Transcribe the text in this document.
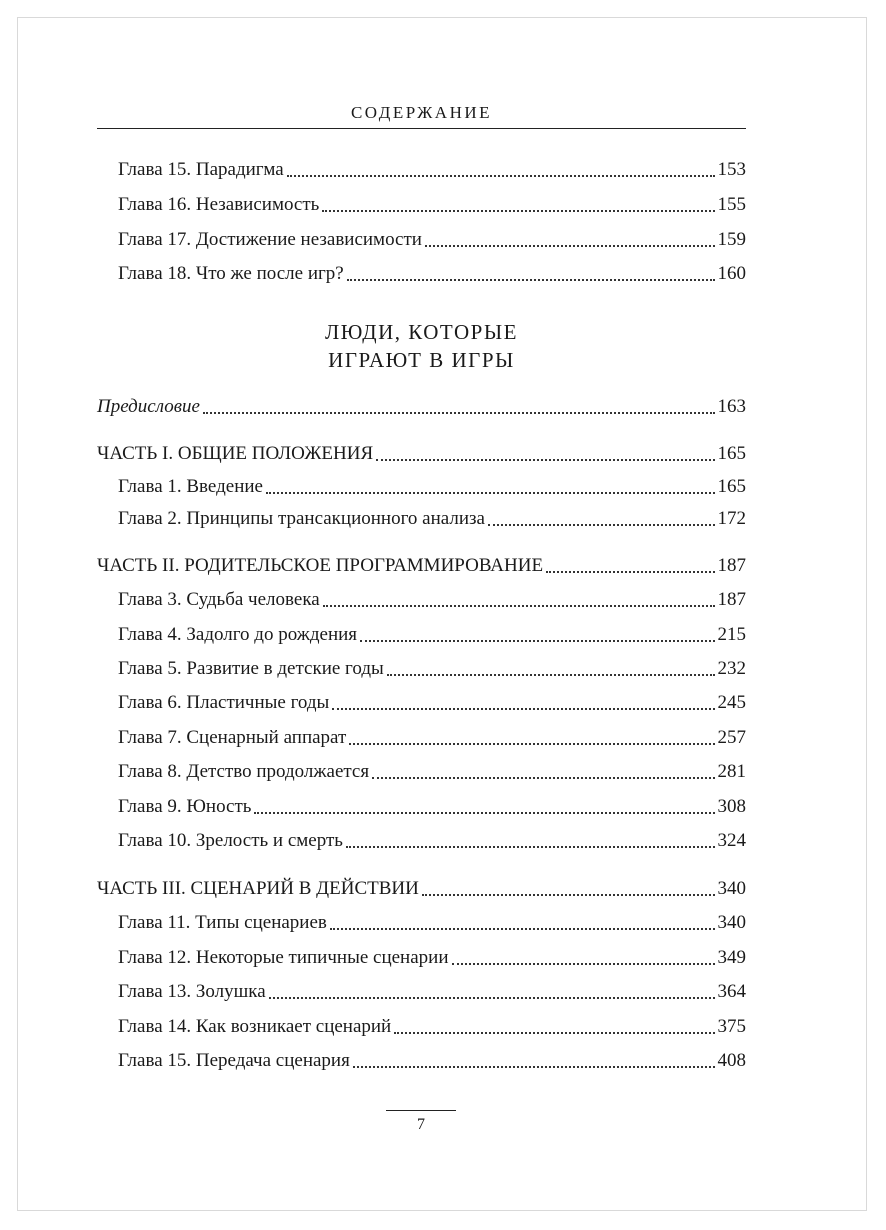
СОДЕРЖАНИЕ
Глава 15. Парадигма	153
Глава 16. Независимость	155
Глава 17. Достижение независимости	159
Глава 18. Что же после игр?	160
ЛЮДИ, КОТОРЫЕ
ИГРАЮТ В ИГРЫ
Предисловие	163
ЧАСТЬ I. ОБЩИЕ ПОЛОЖЕНИЯ	165
Глава 1. Введение	165
Глава 2. Принципы трансакционного анализа	172
ЧАСТЬ II. РОДИТЕЛЬСКОЕ ПРОГРАММИРОВАНИЕ	187
Глава 3. Судьба человека	187
Глава 4. Задолго до рождения	215
Глава 5. Развитие в детские годы	232
Глава 6. Пластичные годы	245
Глава 7. Сценарный аппарат	257
Глава 8. Детство продолжается	281
Глава 9. Юность	308
Глава 10. Зрелость и смерть	324
ЧАСТЬ III. СЦЕНАРИЙ В ДЕЙСТВИИ	340
Глава 11. Типы сценариев	340
Глава 12. Некоторые типичные сценарии	349
Глава 13. Золушка	364
Глава 14. Как возникает сценарий	375
Глава 15. Передача сценария	408
7
